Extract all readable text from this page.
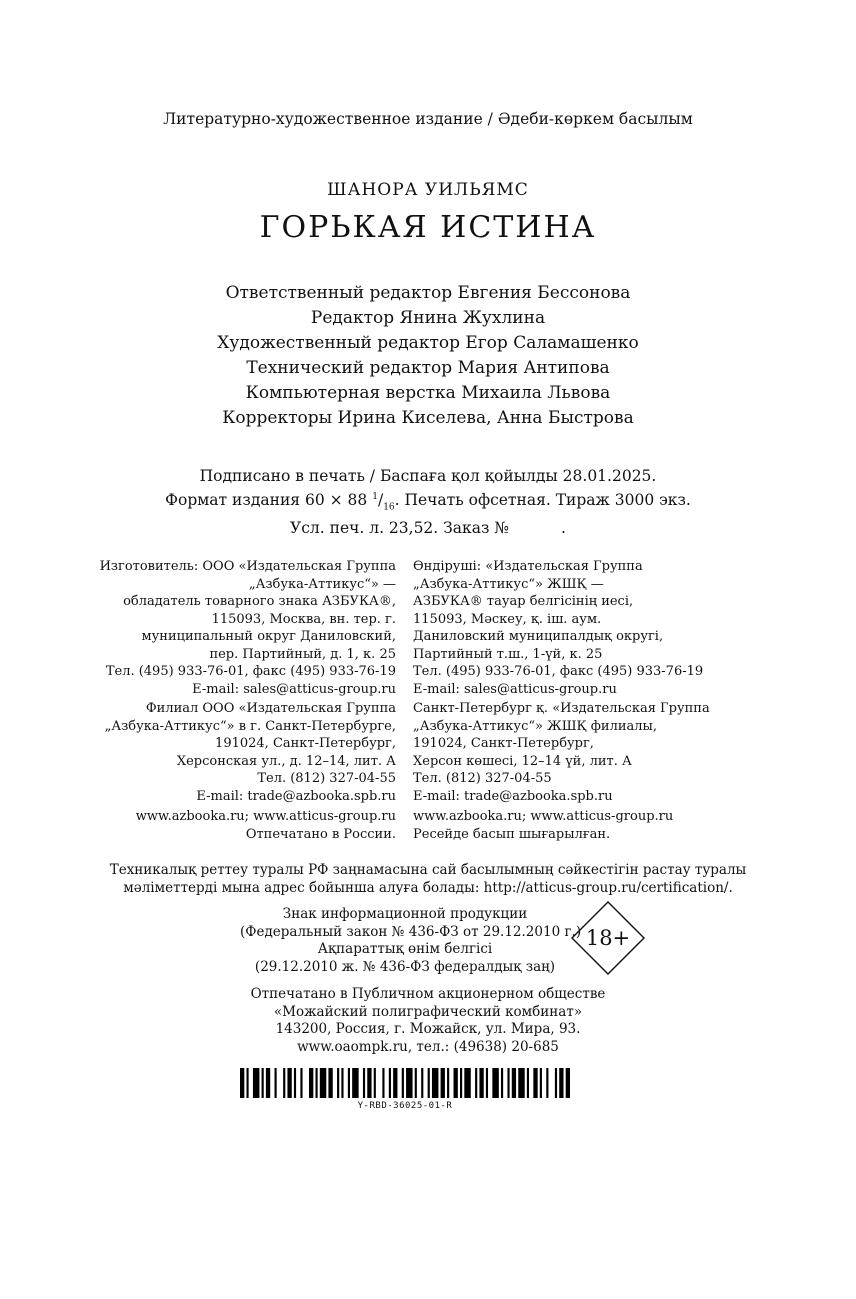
Литературно-художественное издание / Әдеби-көркем басылым
ШАНОРА УИЛЬЯМС
ГОРЬКАЯ ИСТИНА
Ответственный редактор Евгения Бессонова
Редактор Янина Жухлина
Художественный редактор Егор Саламашенко
Технический редактор Мария Антипова
Компьютерная верстка Михаила Львова
Корректоры Ирина Киселева, Анна Быстрова
Подписано в печать / Баспаға қол қойылды 28.01.2025.
Формат издания 60 × 88 $^1/_{16}$. Печать офсетная. Тираж 3000 экз.
Усл. печ. л. 23,52. Заказ №	.
Изготовитель: ООО «Издательская Группа
„Азбука-Аттикус“» —
обладатель товарного знака АЗБУКА®,
115093, Москва, вн. тер. г.
муниципальный округ Даниловский,
пер. Партийный, д. 1, к. 25
Тел. (495) 933-76-01, факс (495) 933-76-19
E-mail: sales@atticus-group.ru
Өндіруші: «Издательская Группа
„Азбука-Аттикус“» ЖШҚ —
АЗБУКА® тауар белгісінің иесі,
115093, Мәскеу, қ. іш. аум.
Даниловский муниципалдық округі,
Партийный т.ш., 1-үй, к. 25
Тел. (495) 933-76-01, факс (495) 933-76-19
E-mail: sales@atticus-group.ru
Филиал ООО «Издательская Группа
„Азбука-Аттикус“» в г. Санкт-Петербурге,
191024, Санкт-Петербург,
Херсонская ул., д. 12–14, лит. А
Тел. (812) 327-04-55
E-mail: trade@azbooka.spb.ru
Санкт-Петербург қ. «Издательская Группа
„Азбука-Аттикус“» ЖШҚ филиалы,
191024, Санкт-Петербург,
Херсон көшесі, 12–14 үй, лит. А
Тел. (812) 327-04-55
E-mail: trade@azbooka.spb.ru
www.azbooka.ru; www.atticus-group.ru
Отпечатано в России.
www.azbooka.ru; www.atticus-group.ru
Ресейде басып шығарылған.
Техникалық реттеу туралы РФ заңнамасына сай басылымның сәйкестігін растау туралы
мәліметтерді мына адрес бойынша алуға болады: http://atticus-group.ru/certification/.
Знак информационной продукции
(Федеральный закон № 436-ФЗ от 29.12.2010 г.)
Ақпараттық өнім белгісі
(29.12.2010 ж. № 436-ФЗ федералдық заң)
18+
Отпечатано в Публичном акционерном обществе
«Можайский полиграфический комбинат»
143200, Россия, г. Можайск, ул. Мира, 93.
www.oaompk.ru, тел.: (49638) 20-685
Y-RBD-36025-01-R
